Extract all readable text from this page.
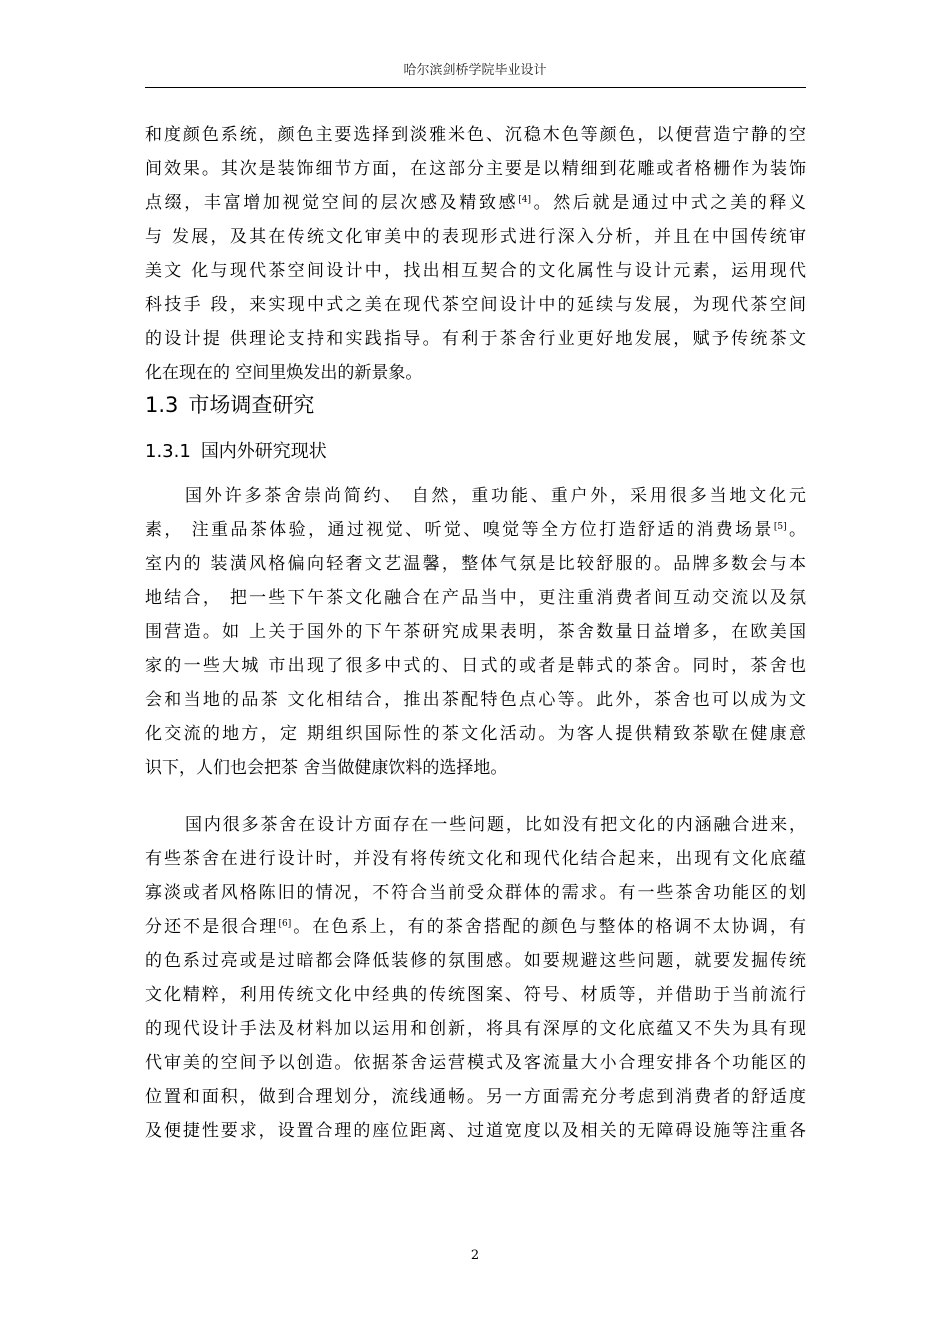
哈尔滨剑桥学院毕业设计
和度颜色系统，颜色主要选择到淡雅米色、沉稳木色等颜色，以便营造宁静的空
间效果。其次是装饰细节方面，在这部分主要是以精细到花雕或者格栅作为装饰
点缀，丰富增加视觉空间的层次感及精致感[4]。然后就是通过中式之美的释义
与 发展，及其在传统文化审美中的表现形式进行深入分析，并且在中国传统审
美文 化与现代茶空间设计中，找出相互契合的文化属性与设计元素，运用现代
科技手 段，来实现中式之美在现代茶空间设计中的延续与发展，为现代茶空间
的设计提 供理论支持和实践指导。有利于茶舍行业更好地发展，赋予传统茶文
化在现在的 空间里焕发出的新景象。
1.3 市场调查研究
1.3.1 国内外研究现状
国外许多茶舍崇尚简约、 自然，重功能、重户外，采用很多当地文化元
素， 注重品茶体验，通过视觉、听觉、嗅觉等全方位打造舒适的消费场景[5]。
室内的 装潢风格偏向轻奢文艺温馨，整体气氛是比较舒服的。品牌多数会与本
地结合， 把一些下午茶文化融合在产品当中，更注重消费者间互动交流以及氛
围营造。如 上关于国外的下午茶研究成果表明，茶舍数量日益增多，在欧美国
家的一些大城 市出现了很多中式的、日式的或者是韩式的茶舍。同时，茶舍也
会和当地的品茶 文化相结合，推出茶配特色点心等。此外，茶舍也可以成为文
化交流的地方，定 期组织国际性的茶文化活动。为客人提供精致茶歇在健康意
识下，人们也会把茶 舍当做健康饮料的选择地。
国内很多茶舍在设计方面存在一些问题，比如没有把文化的内涵融合进来，
有些茶舍在进行设计时，并没有将传统文化和现代化结合起来，出现有文化底蕴
寡淡或者风格陈旧的情况，不符合当前受众群体的需求。有一些茶舍功能区的划
分还不是很合理[6]。在色系上，有的茶舍搭配的颜色与整体的格调不太协调，有
的色系过亮或是过暗都会降低装修的氛围感。如要规避这些问题，就要发掘传统
文化精粹，利用传统文化中经典的传统图案、符号、材质等，并借助于当前流行
的现代设计手法及材料加以运用和创新，将具有深厚的文化底蕴又不失为具有现
代审美的空间予以创造。依据茶舍运营模式及客流量大小合理安排各个功能区的
位置和面积，做到合理划分，流线通畅。另一方面需充分考虑到消费者的舒适度
及便捷性要求，设置合理的座位距离、过道宽度以及相关的无障碍设施等注重各
2
